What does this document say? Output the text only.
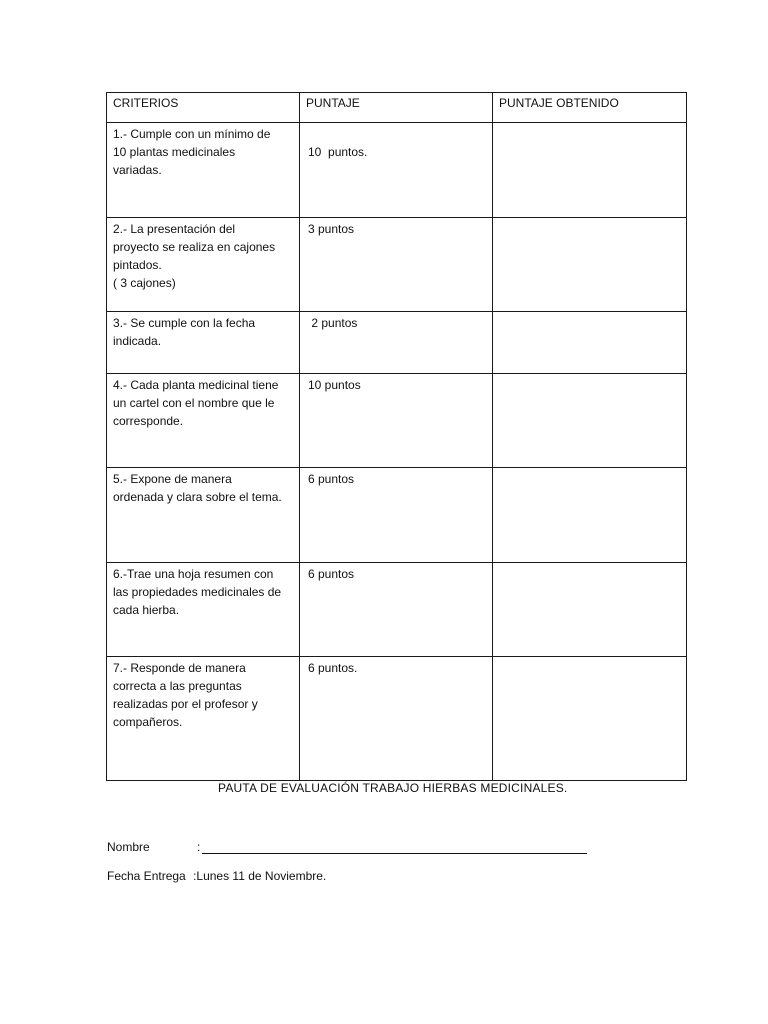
CRITERIOS	PUNTAJE	PUNTAJE OBTENIDO

1.- Cumple con un mínimo de
10 plantas medicinales
variadas.	10  puntos.	

2.- La presentación del
proyecto se realiza en cajones
pintados.
( 3 cajones)	3 puntos	

3.- Se cumple con la fecha
indicada.	2 puntos	

4.- Cada planta medicinal tiene
un cartel con el nombre que le
corresponde.	10 puntos	

5.- Expone de manera
ordenada y clara sobre el tema.	6 puntos	

6.-Trae una hoja resumen con
las propiedades medicinales de
cada hierba.	6 puntos	

7.- Responde de manera
correcta a las preguntas
realizadas por el profesor y
compañeros.	6 puntos.	
PAUTA DE EVALUACIÓN TRABAJO HIERBAS MEDICINALES.
Nombre	:
Fecha Entrega :Lunes 11 de Noviembre.
